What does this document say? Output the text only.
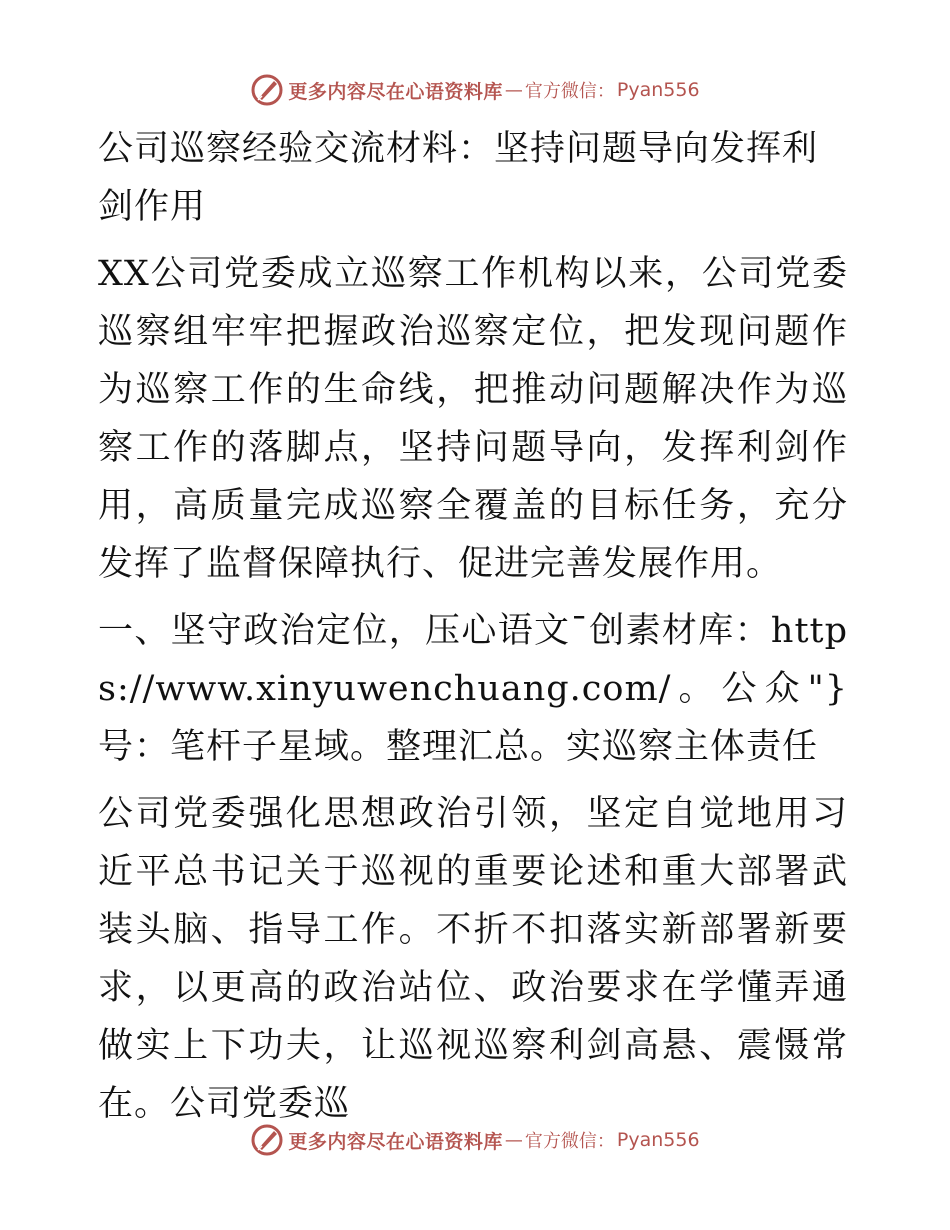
更多内容尽在心语资料库 — 官方微信： Pyan556
公司巡察经验交流材料：坚持问题导向发挥利剑作用

XX公司党委成立巡察工作机构以来，公司党委巡察组牢牢把握政治巡察定位，把发现问题作为巡察工作的生命线，把推动问题解决作为巡察工作的落脚点，坚持问题导向，发挥利剑作用，高质量完成巡察全覆盖的目标任务，充分发挥了监督保障执行、促进完善发展作用。

一、坚守政治定位，压心语文¯创素材库：https://www.xinyuwenchuang.com/。公众"}号：笔杆子星域。整理汇总。实巡察主体责任

公司党委强化思想政治引领，坚定自觉地用习近平总书记关于巡视的重要论述和重大部署武装头脑、指导工作。不折不扣落实新部署新要求，以更高的政治站位、政治要求在学懂弄通做实上下功夫，让巡视巡察利剑高悬、震慑常在。公司党委巡

更多内容尽在心语资料库 — 官方微信： Pyan556
